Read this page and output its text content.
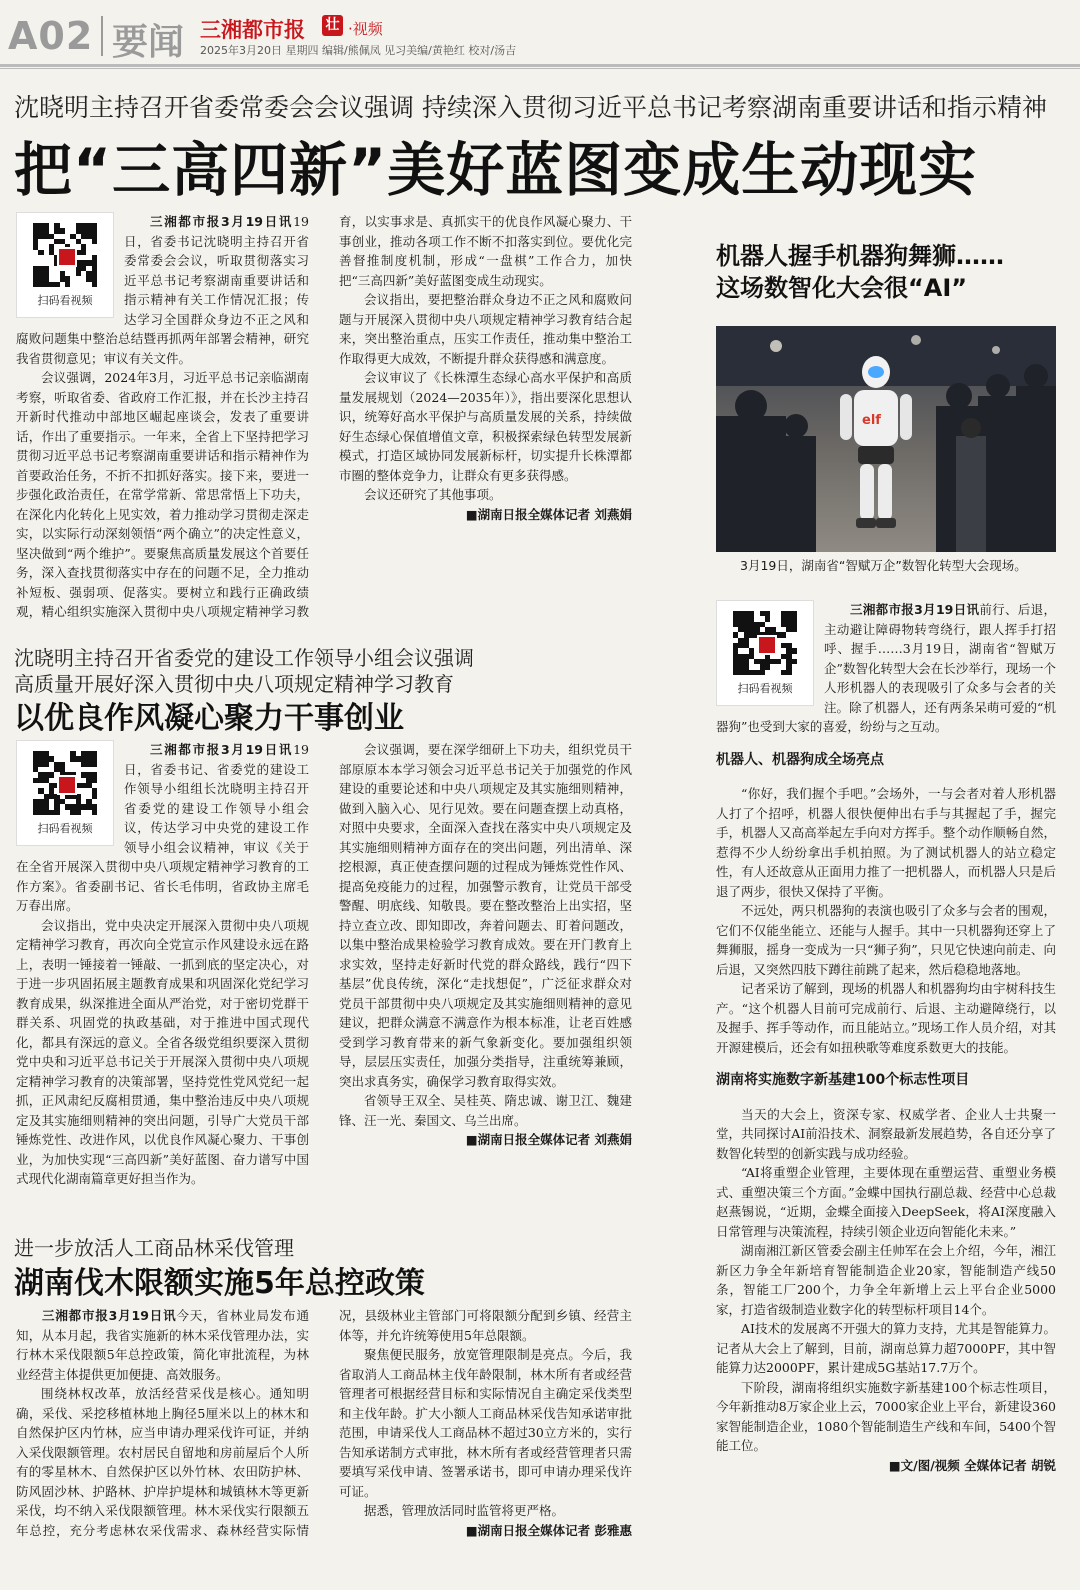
A02 要闻 三湘都市报 壮 ·视频
2025年3月20日 星期四 编辑/熊佩凤 见习美编/黄艳红 校对/汤吉
沈晓明主持召开省委常委会会议强调 持续深入贯彻习近平总书记考察湖南重要讲话和指示精神
把“三高四新”美好蓝图变成生动现实
扫码看视频

三湘都市报3月19日讯19日，省委书记沈晓明主持召开省委常委会会议，听取贯彻落实习近平总书记考察湖南重要讲话和指示精神有关工作情况汇报；传达学习全国群众身边不正之风和腐败问题集中整治总结暨再抓两年部署会精神，研究我省贯彻意见；审议有关文件。

会议强调，2024年3月，习近平总书记亲临湖南考察，听取省委、省政府工作汇报，并在长沙主持召开新时代推动中部地区崛起座谈会，发表了重要讲话，作出了重要指示。一年来，全省上下坚持把学习贯彻习近平总书记考察湖南重要讲话和指示精神作为首要政治任务，不折不扣抓好落实。接下来，要进一步强化政治责任，在常学常新、常思常悟上下功夫，在深化内化转化上见实效，着力推动学习贯彻走深走实，以实际行动深刻领悟“两个确立”的决定性意义，坚决做到“两个维护”。要聚焦高质量发展这个首要任务，深入查找贯彻落实中存在的问题不足，全力推动补短板、强弱项、促落实。要树立和践行正确政绩观，精心组织实施深入贯彻中央八项规定精神学习教育，以实事求是、真抓实干的优良作风凝心聚力、干事创业，推动各项工作不断不扣落实到位。要优化完善督推制度机制，形成“一盘棋”工作合力，加快把“三高四新”美好蓝图变成生动现实。

会议指出，要把整治群众身边不正之风和腐败问题与开展深入贯彻中央八项规定精神学习教育结合起来，突出整治重点，压实工作责任，推动集中整治工作取得更大成效，不断提升群众获得感和满意度。

会议审议了《长株潭生态绿心高水平保护和高质量发展规划（2024—2035年）》，指出要深化思想认识，统筹好高水平保护与高质量发展的关系，持续做好生态绿心保值增值文章，积极探索绿色转型发展新模式，打造区域协同发展新标杆，切实提升长株潭都市圈的整体竞争力，让群众有更多获得感。

会议还研究了其他事项。

■湖南日报全媒体记者 刘燕娟
沈晓明主持召开省委党的建设工作领导小组会议强调
高质量开展好深入贯彻中央八项规定精神学习教育
以优良作风凝心聚力干事创业
扫码看视频

三湘都市报3月19日讯19日，省委书记、省委党的建设工作领导小组组长沈晓明主持召开省委党的建设工作领导小组会议，传达学习中央党的建设工作领导小组会议精神，审议《关于在全省开展深入贯彻中央八项规定精神学习教育的工作方案》。省委副书记、省长毛伟明，省政协主席毛万春出席。

会议指出，党中央决定开展深入贯彻中央八项规定精神学习教育，再次向全党宣示作风建设永远在路上，表明一锤接着一锤敲、一抓到底的坚定决心，对于进一步巩固拓展主题教育成果和巩固深化党纪学习教育成果，纵深推进全面从严治党，对于密切党群干群关系、巩固党的执政基础，对于推进中国式现代化，都具有深远的意义。全省各级党组织要深入贯彻党中央和习近平总书记关于开展深入贯彻中央八项规定精神学习教育的决策部署，坚持党性党风党纪一起抓，正风肃纪反腐相贯通，集中整治违反中央八项规定及其实施细则精神的突出问题，引导广大党员干部锤炼党性、改进作风，以优良作风凝心聚力、干事创业，为加快实现“三高四新”美好蓝图、奋力谱写中国式现代化湖南篇章更好担当作为。

会议强调，要在深学细研上下功夫，组织党员干部原原本本学习领会习近平总书记关于加强党的作风建设的重要论述和中央八项规定及其实施细则精神，做到入脑入心、见行见效。要在问题查摆上动真格，对照中央要求，全面深入查找在落实中央八项规定及其实施细则精神方面存在的突出问题，列出清单、深挖根源，真正使查摆问题的过程成为锤炼党性作风、提高免疫能力的过程，加强警示教育，让党员干部受警醒、明底线、知敬畏。要在整改整治上出实招，坚持立查立改、即知即改，奔着问题去、盯着问题改，以集中整治成果检验学习教育成效。要在开门教育上求实效，坚持走好新时代党的群众路线，践行“四下基层”优良传统，深化“走找想促”，广泛征求群众对党员干部贯彻中央八项规定及其实施细则精神的意见建议，把群众满意不满意作为根本标准，让老百姓感受到学习教育带来的新气象新变化。要加强组织领导，层层压实责任，加强分类指导，注重统筹兼顾，突出求真务实，确保学习教育取得实效。

省领导王双全、吴桂英、隋忠诚、谢卫江、魏建锋、汪一光、秦国文、乌兰出席。

■湖南日报全媒体记者 刘燕娟
进一步放活人工商品林采伐管理
湖南伐木限额实施5年总控政策

三湘都市报3月19日讯今天，省林业局发布通知，从本月起，我省实施新的林木采伐管理办法，实行林木采伐限额5年总控政策，简化审批流程，为林业经营主体提供更加便捷、高效服务。

围绕林权改革，放活经营采伐是核心。通知明确，采伐、采挖移植林地上胸径5厘米以上的林木和自然保护区内竹林，应当申请办理采伐许可证，并纳入采伐限额管理。农村居民自留地和房前屋后个人所有的零星林木、自然保护区以外竹林、农田防护林、防风固沙林、护路林、护岸护堤林和城镇林木等更新采伐，均不纳入采伐限额管理。林木采伐实行限额五年总控，充分考虑林农采伐需求、森林经营实际情况，县级林业主管部门可将限额分配到乡镇、经营主体等，并允许统筹使用5年总限额。

聚焦便民服务，放宽管理限制是亮点。今后，我省取消人工商品林主伐年龄限制，林木所有者或经营管理者可根据经营目标和实际情况自主确定采伐类型和主伐年龄。扩大小额人工商品林采伐告知承诺审批范围，申请采伐人工商品林不超过30立方米的，实行告知承诺制方式审批，林木所有者或经营管理者只需要填写采伐申请、签署承诺书，即可申请办理采伐许可证。

据悉，管理放活同时监管将更严格。

■湖南日报全媒体记者 彭雅惠
机器人握手机器狗舞狮……
这场数智化大会很“AI”
elf
3月19日，湖南省“智赋万企”数智化转型大会现场。
扫码看视频

三湘都市报3月19日讯前行、后退，主动避让障碍物转弯绕行，跟人挥手打招呼、握手……3月19日，湖南省“智赋万企”数智化转型大会在长沙举行，现场一个人形机器人的表现吸引了众多与会者的关注。除了机器人，还有两条呆萌可爱的“机器狗”也受到大家的喜爱，纷纷与之互动。

机器人、机器狗成全场亮点

“你好，我们握个手吧。”会场外，一与会者对着人形机器人打了个招呼，机器人很快便伸出右手与其握起了手，握完手，机器人又高高举起左手向对方挥手。整个动作顺畅自然，惹得不少人纷纷拿出手机拍照。为了测试机器人的站立稳定性，有人还故意从正面用力推了一把机器人，而机器人只是后退了两步，很快又保持了平衡。

不远处，两只机器狗的表演也吸引了众多与会者的围观，它们不仅能坐能立、还能与人握手。其中一只机器狗还穿上了舞狮服，摇身一变成为一只“狮子狗”，只见它快速向前走、向后退，又突然四肢下蹲往前跳了起来，然后稳稳地落地。

记者采访了解到，现场的机器人和机器狗均由宇树科技生产。“这个机器人目前可完成前行、后退、主动避障绕行，以及握手、挥手等动作，而且能站立。”现场工作人员介绍，对其开源建模后，还会有如扭秧歌等难度系数更大的技能。

湖南将实施数字新基建100个标志性项目

当天的大会上，资深专家、权威学者、企业人士共聚一堂，共同探讨AI前沿技术、洞察最新发展趋势，各自还分享了数智化转型的创新实践与成功经验。

“AI将重塑企业管理，主要体现在重塑运营、重塑业务模式、重塑决策三个方面。”金蝶中国执行副总裁、经营中心总裁赵燕锡说，“近期，金蝶全面接入DeepSeek，将AI深度融入日常管理与决策流程，持续引领企业迈向智能化未来。”

湖南湘江新区管委会副主任帅军在会上介绍，今年，湘江新区力争全年新培育智能制造企业20家，智能制造产线50条，智能工厂200个，力争全年新增上云上平台企业5000家，打造省级制造业数字化的转型标杆项目14个。

AI技术的发展离不开强大的算力支持，尤其是智能算力。记者从大会上了解到，目前，湖南总算力超7000PF，其中智能算力达2000PF，累计建成5G基站17.7万个。

下阶段，湖南将组织实施数字新基建100个标志性项目，今年新推动8万家企业上云，7000家企业上平台，新建设360家智能制造企业，1080个智能制造生产线和车间，5400个智能工位。

■文/图/视频 全媒体记者 胡锐
